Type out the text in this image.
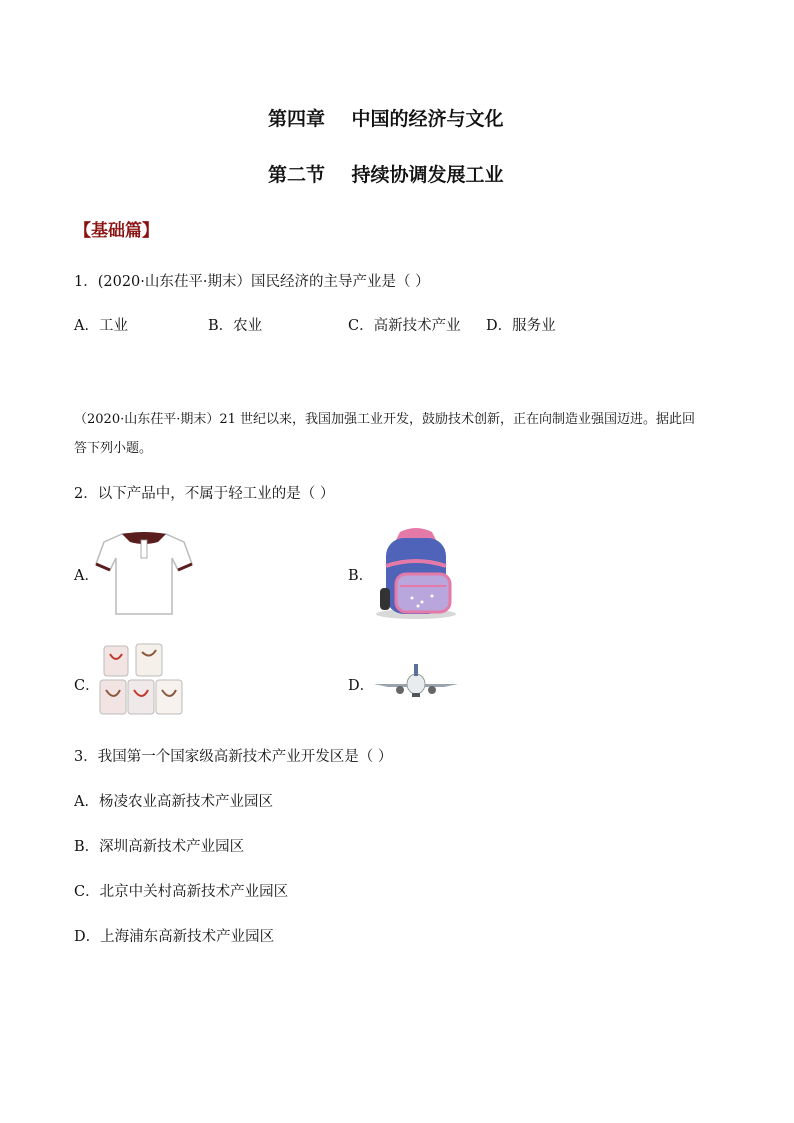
第四章    中国的经济与文化
第二节    持续协调发展工业
【基础篇】
1．(2020·山东茌平·期末）国民经济的主导产业是（ ）
A．工业	B．农业	C．高新技术产业 D．服务业
（2020·山东茌平·期末）21 世纪以来，我国加强工业开发，鼓励技术创新，正在向制造业强国迈进。据此回
答下列小题。
2．以下产品中，不属于轻工业的是（ ）
A．	B．
C．	D．
3．我国第一个国家级高新技术产业开发区是（ ）
A．杨凌农业高新技术产业园区
B．深圳高新技术产业园区
C．北京中关村高新技术产业园区
D．上海浦东高新技术产业园区
